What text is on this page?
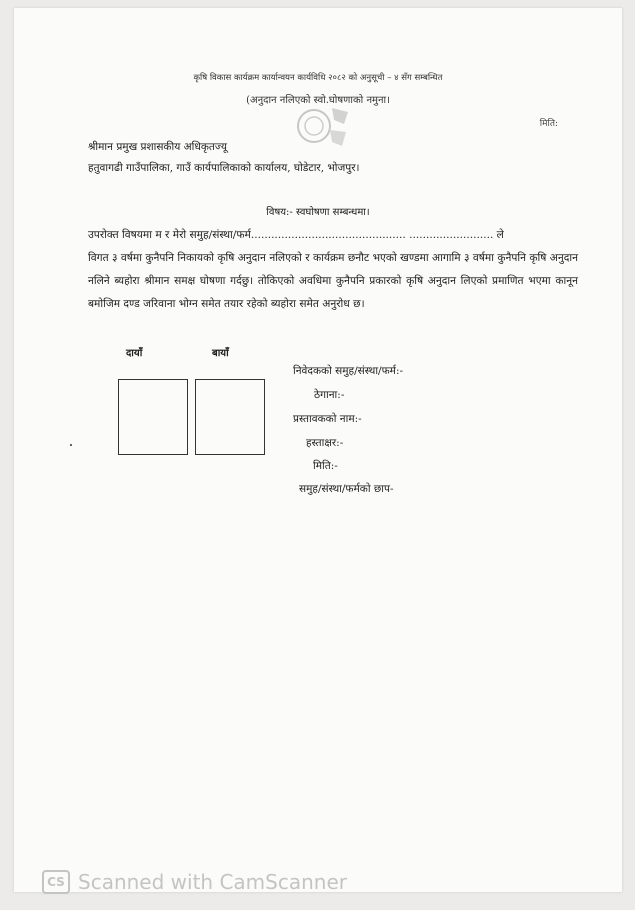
कृषि विकास कार्यक्रम कार्यान्वयन कार्यविधि २०८२ को अनुसूची – ४ सँग सम्बन्धित
(अनुदान नलिएको स्वो.घोषणाको नमुना।
मिति:
श्रीमान प्रमुख प्रशासकीय अधिकृतज्यू
हतुवागढी गाउँपालिका, गाउँ कार्यपालिकाको कार्यालय, घोडेटार, भोजपुर।
विषय:- स्वघोषणा सम्बन्धमा।

उपरोक्त विषयमा म र मेरो समुह/संस्था/फर्म.............................................. ......................... ले

विगत ३ वर्षमा कुनैपनि निकायको कृषि अनुदान नलिएको र कार्यक्रम छनौट भएको खण्डमा आगामि ३ वर्षमा कुनैपनि कृषि अनुदान नलिने ब्यहोरा श्रीमान समक्ष घोषणा गर्दछु। तोकिएको अवधिमा कुनैपनि प्रकारको कृषि अनुदान लिएको प्रमाणित भएमा कानून बमोजिम दण्ड जरिवाना भोग्न समेत तयार रहेको ब्यहोरा समेत अनुरोध छ।

दायाँ	बायाँ
निवेदकको समुह/संस्था/फर्म:-
ठेगाना:-
प्रस्तावकको नाम:-
हस्ताक्षर:-
मिति:-
समुह/संस्था/फर्मको छाप-
CS Scanned with CamScanner
